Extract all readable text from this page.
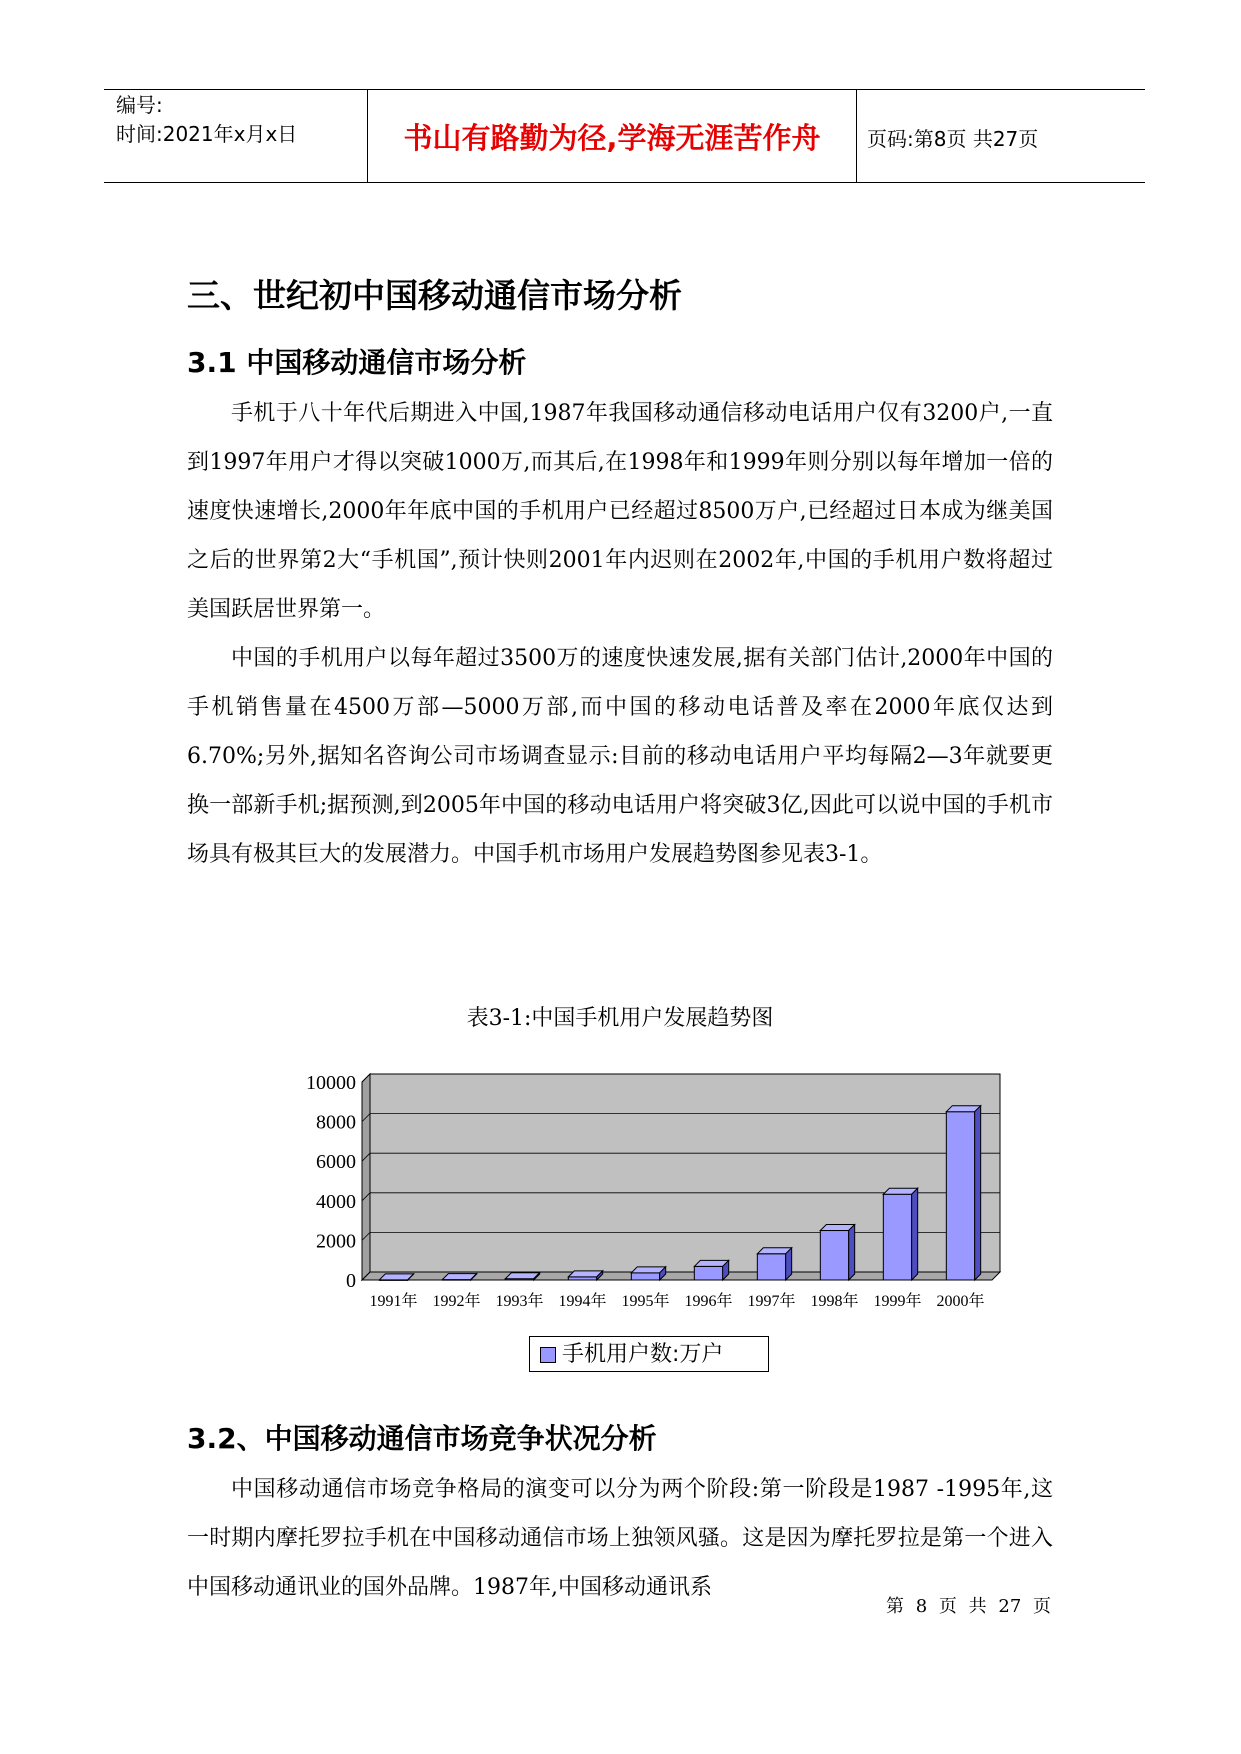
编号:
时间:2021年x月x日	书山有路勤为径,学海无涯苦作舟	页码:第8页 共27页
三、世纪初中国移动通信市场分析
3.1 中国移动通信市场分析

手机于八十年代后期进入中国,1987年我国移动通信移动电话用户仅有3200户,一直到1997年用户才得以突破1000万,而其后,在1998年和1999年则分别以每年增加一倍的速度快速增长,2000年年底中国的手机用户已经超过8500万户,已经超过日本成为继美国之后的世界第2大“手机国”,预计快则2001年内迟则在2002年,中国的手机用户数将超过美国跃居世界第一。

中国的手机用户以每年超过3500万的速度快速发展,据有关部门估计,2000年中国的手机销售量在4500万部—5000万部,而中国的移动电话普及率在2000年底仅达到6.70%;另外,据知名咨询公司市场调查显示:目前的移动电话用户平均每隔2—3年就要更换一部新手机;据预测,到2005年中国的移动电话用户将突破3亿,因此可以说中国的手机市场具有极其巨大的发展潜力。中国手机市场用户发展趋势图参见表3-1。

表3-1:中国手机用户发展趋势图
0
2000
4000
6000
8000
10000
1991年 1992年 1993年 1994年 1995年 1996年 1997年 1998年 1999年 2000年
手机用户数:万户
3.2、中国移动通信市场竞争状况分析

中国移动通信市场竞争格局的演变可以分为两个阶段:第一阶段是1987 -1995年,这一时期内摩托罗拉手机在中国移动通信市场上独领风骚。这是因为摩托罗拉是第一个进入中国移动通讯业的国外品牌。1987年,中国移动通讯系

第 8 页 共 27 页
